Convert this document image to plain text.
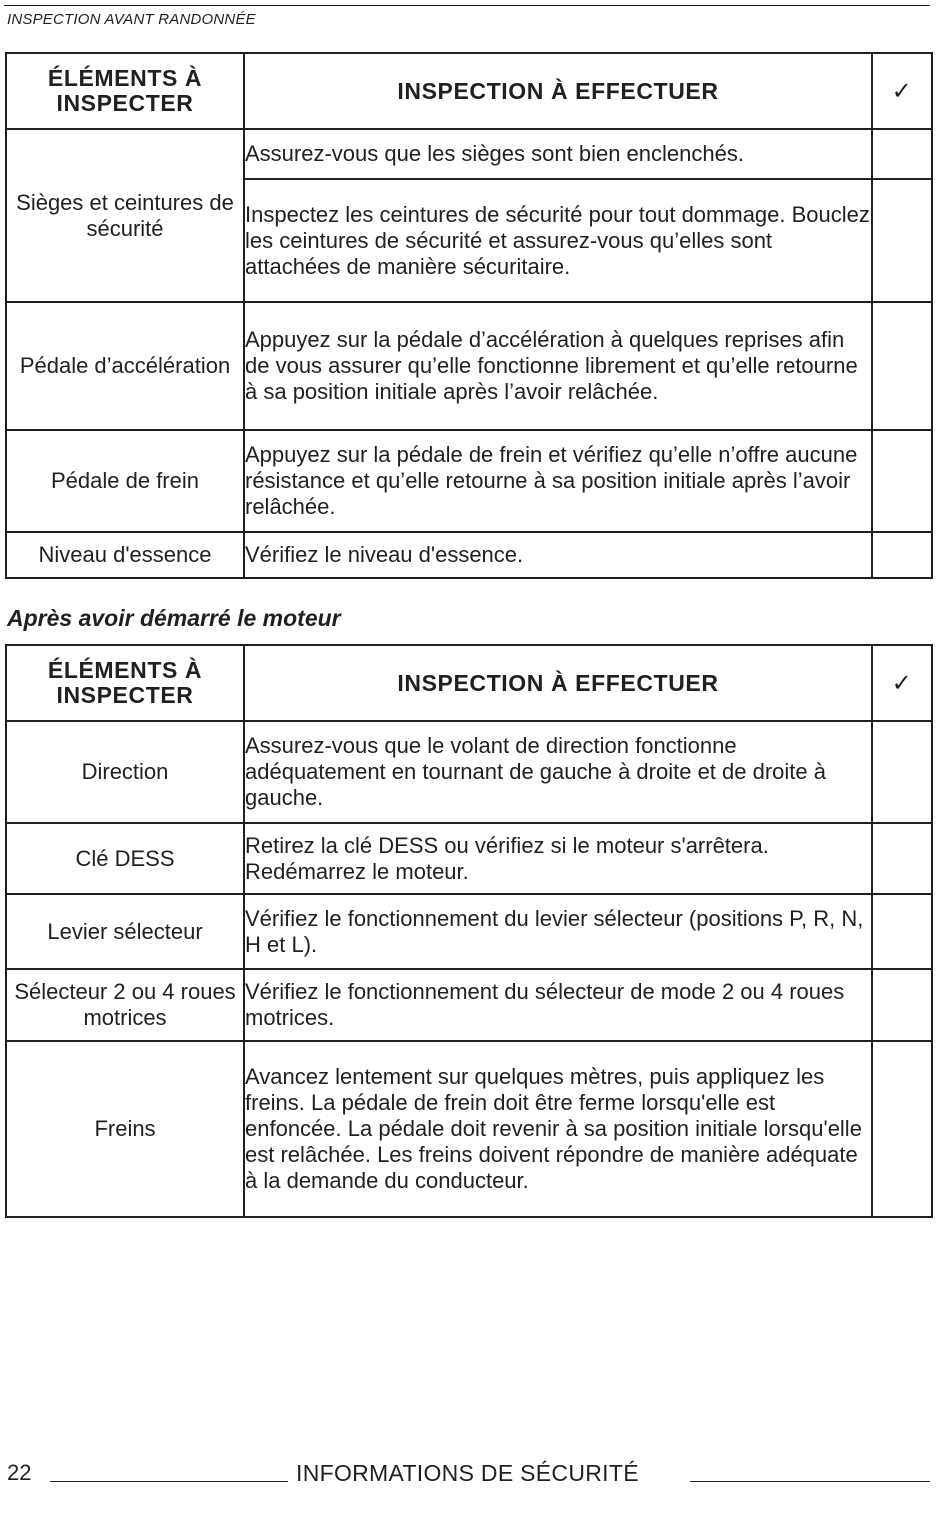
INSPECTION AVANT RANDONNÉE
ÉLÉMENTS À INSPECTER	INSPECTION À EFFECTUER	✓
Sièges et ceintures de sécurité	Assurez-vous que les sièges sont bien enclenchés.	
	Inspectez les ceintures de sécurité pour tout dommage. Bouclez les ceintures de sécurité et assurez-vous qu’elles sont attachées de manière sécuritaire.	
Pédale d’accélération	Appuyez sur la pédale d’accélération à quelques reprises afin de vous assurer qu’elle fonctionne librement et qu’elle retourne à sa position initiale après l’avoir relâchée.	
Pédale de frein	Appuyez sur la pédale de frein et vérifiez qu’elle n’offre aucune résistance et qu’elle retourne à sa position initiale après l’avoir relâchée.	
Niveau d'essence	Vérifiez le niveau d'essence.	
Après avoir démarré le moteur
ÉLÉMENTS À INSPECTER	INSPECTION À EFFECTUER	✓
Direction	Assurez-vous que le volant de direction fonctionne adéquatement en tournant de gauche à droite et de droite à gauche.	
Clé DESS	Retirez la clé DESS ou vérifiez si le moteur s'arrêtera. Redémarrez le moteur.	
Levier sélecteur	Vérifiez le fonctionnement du levier sélecteur (positions P, R, N, H et L).	
Sélecteur 2 ou 4 roues motrices	Vérifiez le fonctionnement du sélecteur de mode 2 ou 4 roues motrices.	
Freins	Avancez lentement sur quelques mètres, puis appliquez les freins. La pédale de frein doit être ferme lorsqu'elle est enfoncée. La pédale doit revenir à sa position initiale lorsqu'elle est relâchée. Les freins doivent répondre de manière adéquate à la demande du conducteur.	
22	INFORMATIONS DE SÉCURITÉ
